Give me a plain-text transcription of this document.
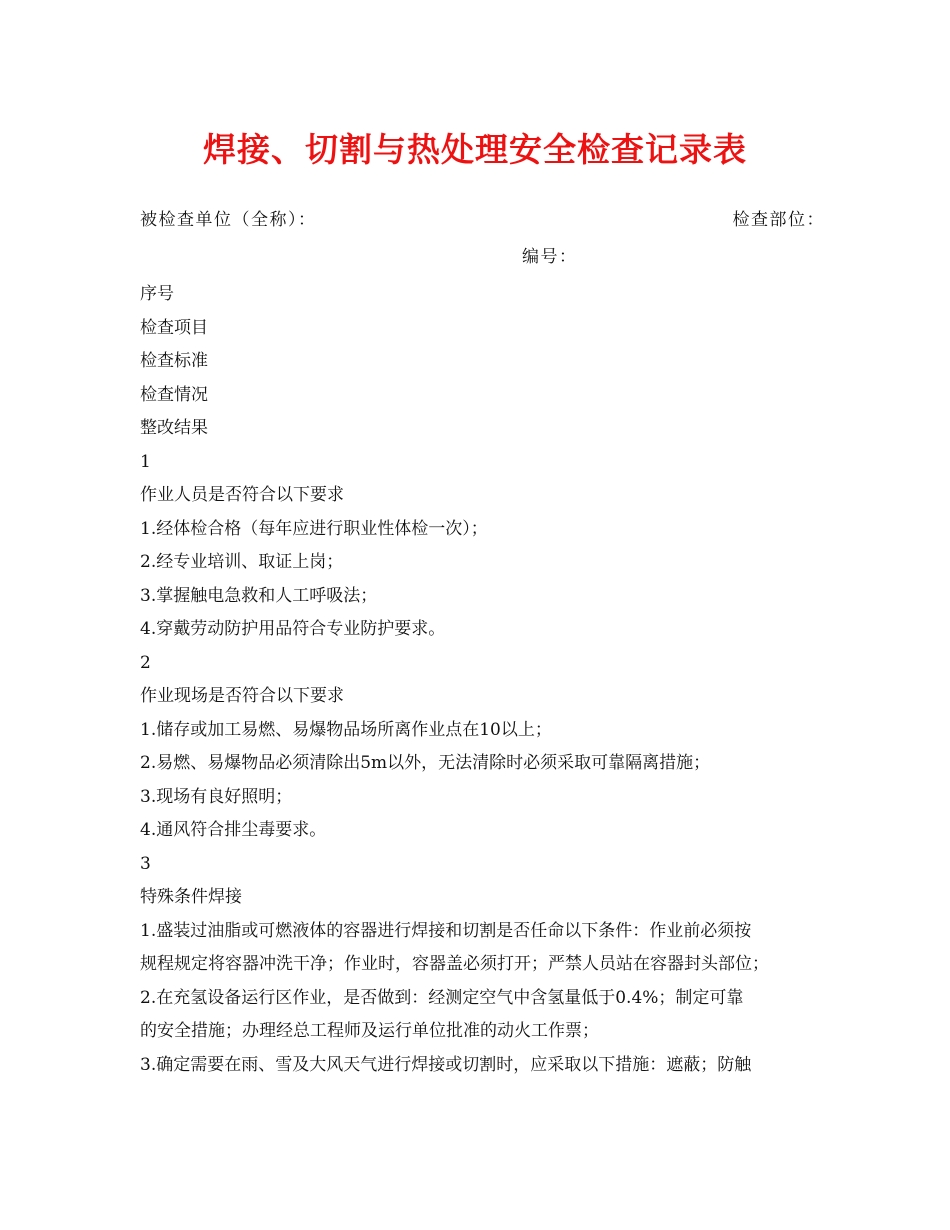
焊接、切割与热处理安全检查记录表
被检查单位（全称）：	检查部位：
编号：
序号
检查项目
检查标准
检查情况
整改结果
1
作业人员是否符合以下要求
1.经体检合格（每年应进行职业性体检一次）；
2.经专业培训、取证上岗；
3.掌握触电急救和人工呼吸法；
4.穿戴劳动防护用品符合专业防护要求。
2
作业现场是否符合以下要求
1.储存或加工易燃、易爆物品场所离作业点在10以上；
2.易燃、易爆物品必须清除出5m以外，无法清除时必须采取可靠隔离措施；
3.现场有良好照明；
4.通风符合排尘毒要求。
3
特殊条件焊接
1.盛装过油脂或可燃液体的容器进行焊接和切割是否任命以下条件：作业前必须按
规程规定将容器冲洗干净；作业时，容器盖必须打开；严禁人员站在容器封头部位；
2.在充氢设备运行区作业，是否做到：经测定空气中含氢量低于0.4%；制定可靠
的安全措施；办理经总工程师及运行单位批准的动火工作票；
3.确定需要在雨、雪及大风天气进行焊接或切割时，应采取以下措施：遮蔽；防触
